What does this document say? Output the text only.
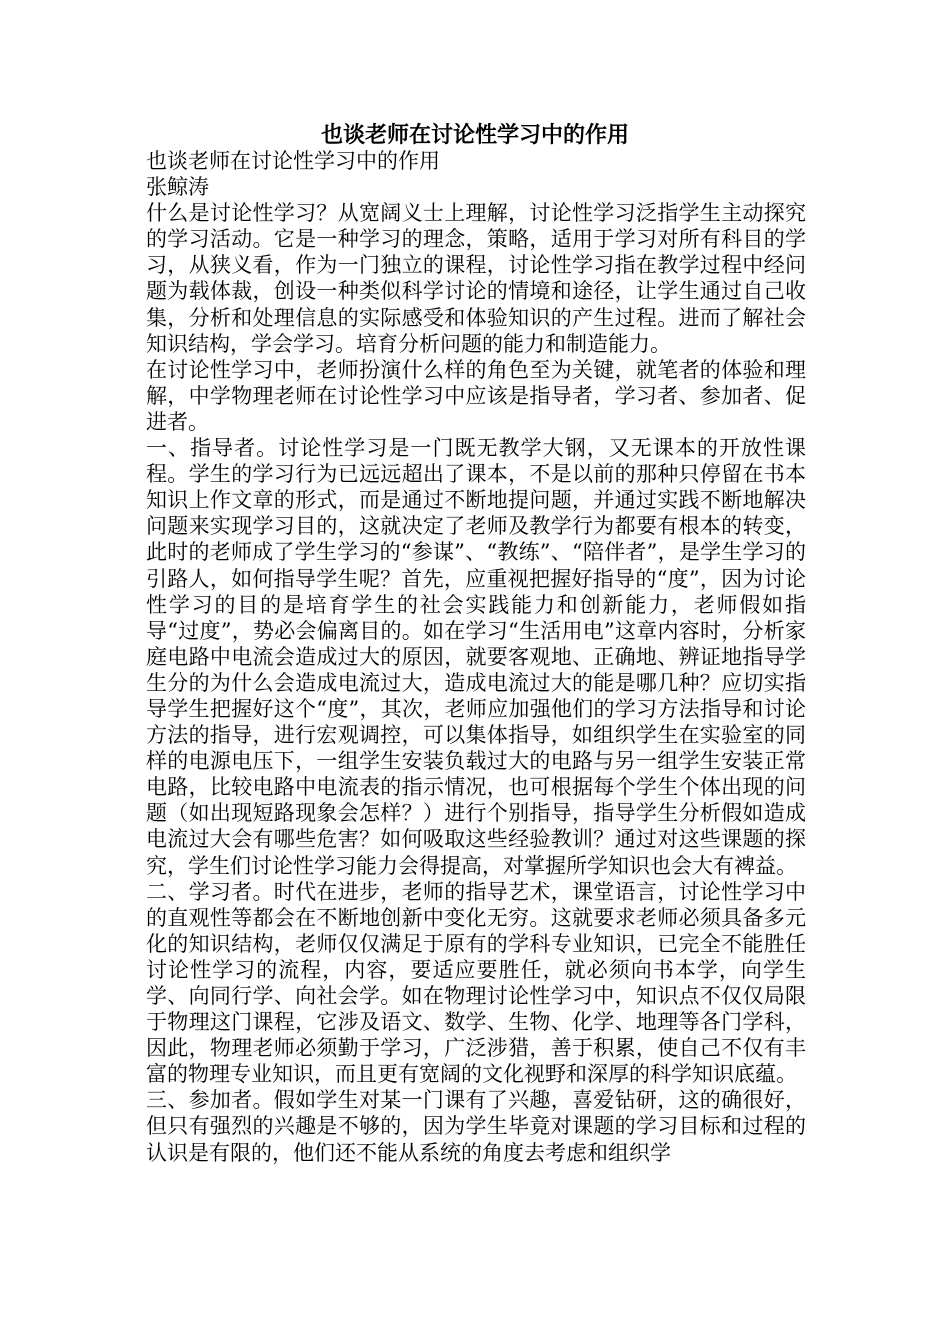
也谈老师在讨论性学习中的作用

也谈老师在讨论性学习中的作用

张鲸涛

什么是讨论性学习？从宽阔义士上理解，讨论性学习泛指学生主动探究的学习活动。它是一种学习的理念，策略，适用于学习对所有科目的学习，从狭义看，作为一门独立的课程，讨论性学习指在教学过程中经问题为载体裁，创设一种类似科学讨论的情境和途径，让学生通过自己收集，分析和处理信息的实际感受和体验知识的产生过程。进而了解社会知识结构，学会学习。培育分析问题的能力和制造能力。

在讨论性学习中，老师扮演什么样的角色至为关键，就笔者的体验和理解，中学物理老师在讨论性学习中应该是指导者，学习者、参加者、促进者。

一、指导者。讨论性学习是一门既无教学大钢，又无课本的开放性课程。学生的学习行为已远远超出了课本，不是以前的那种只停留在书本知识上作文章的形式，而是通过不断地提问题，并通过实践不断地解决问题来实现学习目的，这就决定了老师及教学行为都要有根本的转变，此时的老师成了学生学习的“参谋”、“教练”、“陪伴者”，是学生学习的引路人，如何指导学生呢？首先，应重视把握好指导的“度”，因为讨论性学习的目的是培育学生的社会实践能力和创新能力，老师假如指导“过度”，势必会偏离目的。如在学习“生活用电”这章内容时，分析家庭电路中电流会造成过大的原因，就要客观地、正确地、辨证地指导学生分的为什么会造成电流过大，造成电流过大的能是哪几种？应切实指导学生把握好这个“度”，其次，老师应加强他们的学习方法指导和讨论方法的指导，进行宏观调控，可以集体指导，如组织学生在实验室的同样的电源电压下，一组学生安装负载过大的电路与另一组学生安装正常电路，比较电路中电流表的指示情况，也可根据每个学生个体出现的问题（如出现短路现象会怎样？）进行个别指导，指导学生分析假如造成电流过大会有哪些危害？如何吸取这些经验教训？通过对这些课题的探究，学生们讨论性学习能力会得提高，对掌握所学知识也会大有裨益。

二、学习者。时代在进步，老师的指导艺术，课堂语言，讨论性学习中的直观性等都会在不断地创新中变化无穷。这就要求老师必须具备多元化的知识结构，老师仅仅满足于原有的学科专业知识，已完全不能胜任讨论性学习的流程，内容，要适应要胜任，就必须向书本学，向学生学、向同行学、向社会学。如在物理讨论性学习中，知识点不仅仅局限于物理这门课程，它涉及语文、数学、生物、化学、地理等各门学科，因此，物理老师必须勤于学习，广泛涉猎，善于积累，使自己不仅有丰富的物理专业知识，而且更有宽阔的文化视野和深厚的科学知识底蕴。

三、参加者。假如学生对某一门课有了兴趣，喜爱钻研，这的确很好，但只有强烈的兴趣是不够的，因为学生毕竟对课题的学习目标和过程的认识是有限的，他们还不能从系统的角度去考虑和组织学
